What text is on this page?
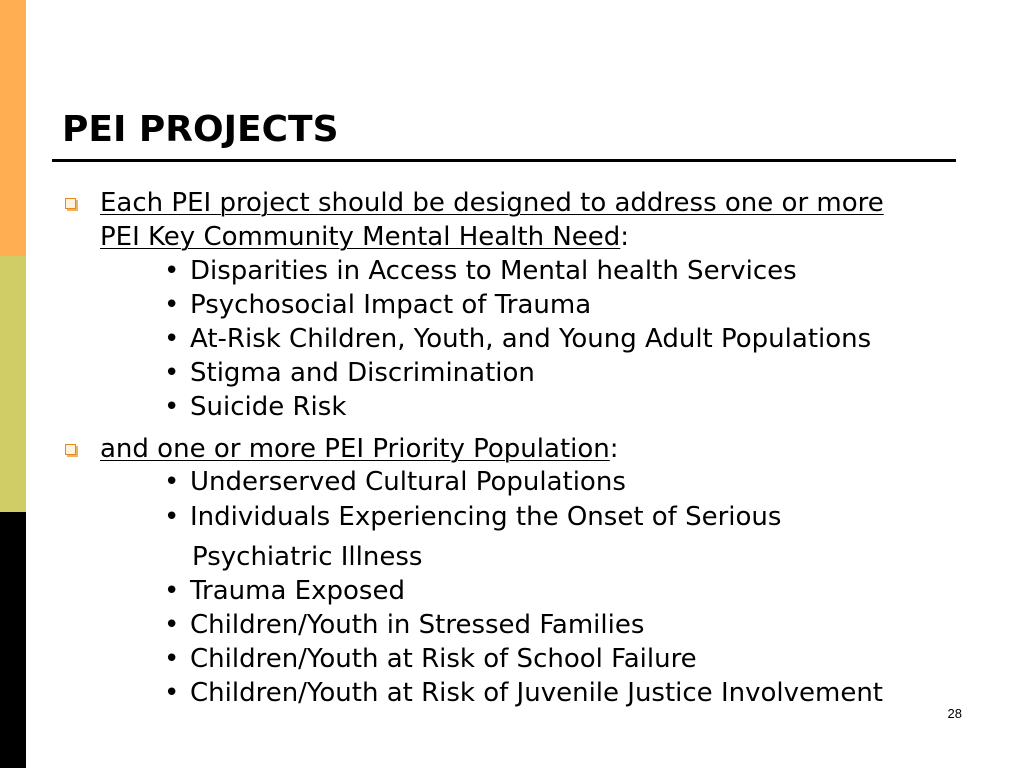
PEI PROJECTS
Each PEI project should be designed to address one or more
PEI Key Community Mental Health Need:
• Disparities in Access to Mental health Services
• Psychosocial Impact of Trauma
• At-Risk Children, Youth, and Young Adult Populations
• Stigma and Discrimination
• Suicide Risk
and one or more PEI Priority Population:
• Underserved Cultural Populations
• Individuals Experiencing the Onset of Serious
Psychiatric Illness
• Trauma Exposed
• Children/Youth in Stressed Families
• Children/Youth at Risk of School Failure
• Children/Youth at Risk of Juvenile Justice Involvement
28
